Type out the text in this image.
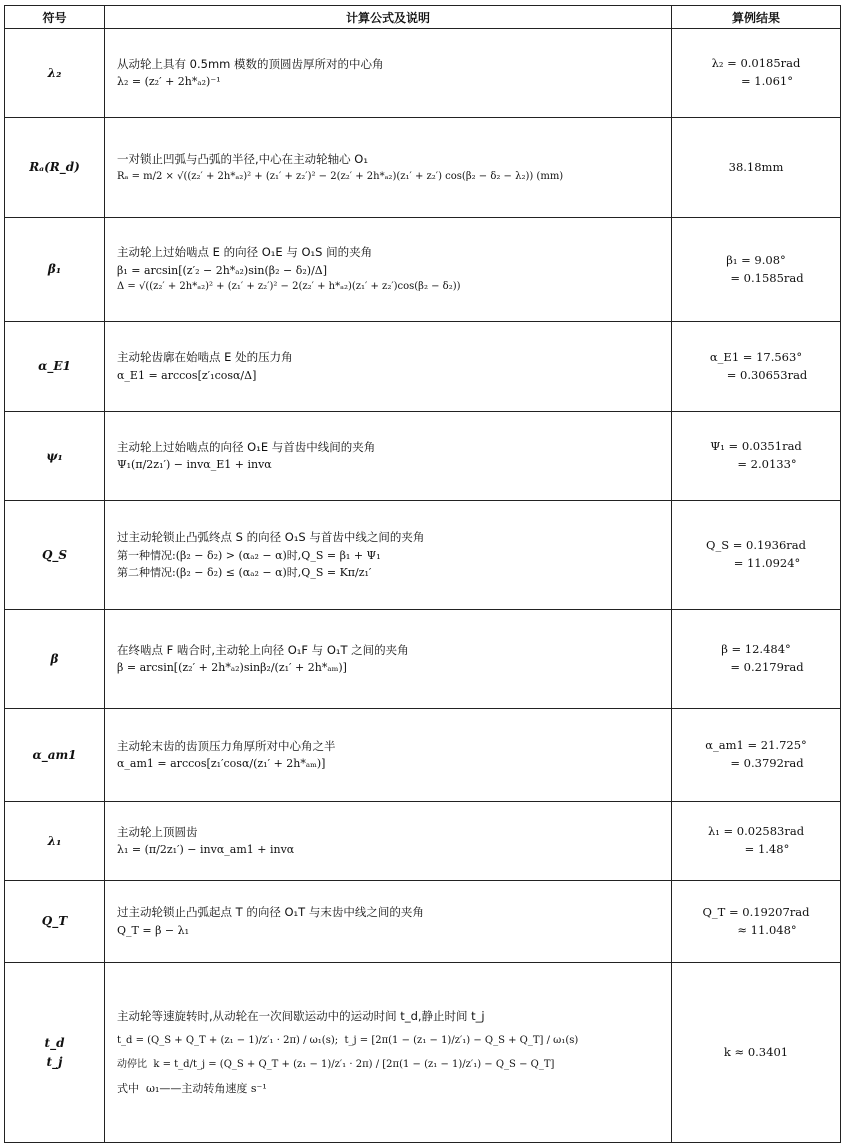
符号	计算公式及说明	算例结果

λ₂	从动轮上具有 0.5mm 模数的顶圆齿厚所对的中心角
λ₂ = (z₂′ + 2h*ₐ₂)⁻¹	λ₂ = 0.0185rad
= 1.061°

Rₐ(R_d)	一对锁止凹弧与凸弧的半径,中心在主动轮轴心 O₁
Rₐ = m/2 × √((z₂′ + 2h*ₐ₂)² + (z₁′ + z₂′)² − 2(z₂′ + 2h*ₐ₂)(z₁′ + z₂′) cos(β₂ − δ₂ − λ₂)) (mm)	38.18mm

β₁	主动轮上过始啮点 E 的向径 O₁E 与 O₁S 间的夹角
β₁ = arcsin[(z′₂ − 2h*ₐ₂)sin(β₂ − δ₂)/Δ]
Δ = √((z₂′ + 2h*ₐ₂)² + (z₁′ + z₂′)² − 2(z₂′ + h*ₐ₂)(z₁′ + z₂′)cos(β₂ − δ₂))	β₁ = 9.08°
= 0.1585rad

α_E1	主动轮齿廓在始啮点 E 处的压力角
α_E1 = arccos[z′₁cosα/Δ]	α_E1 = 17.563°
= 0.30653rad

ψ₁	主动轮上过始啮点的向径 O₁E 与首齿中线间的夹角
Ψ₁(π/2z₁′) − invα_E1 + invα	Ψ₁ = 0.0351rad
= 2.0133°

Q_S	过主动轮锁止凸弧终点 S 的向径 O₁S 与首齿中线之间的夹角
第一种情况:(β₂ − δ₂) > (αₐ₂ − α)时,Q_S = β₁ + Ψ₁
第二种情况:(β₂ − δ₂) ≤ (αₐ₂ − α)时,Q_S = Kπ/z₁′	Q_S = 0.1936rad
= 11.0924°

β	在终啮点 F 啮合时,主动轮上向径 O₁F 与 O₁T 之间的夹角
β = arcsin[(z₂′ + 2h*ₐ₂)sinβ₂/(z₁′ + 2h*ₐₘ)]	β = 12.484°
= 0.2179rad

α_am1	主动轮末齿的齿顶压力角厚所对中心角之半
α_am1 = arccos[z₁′cosα/(z₁′ + 2h*ₐₘ)]	α_am1 = 21.725°
= 0.3792rad

λ₁	主动轮上顶圆齿
λ₁ = (π/2z₁′) − invα_am1 + invα	λ₁ = 0.02583rad
= 1.48°

Q_T	过主动轮锁止凸弧起点 T 的向径 O₁T 与末齿中线之间的夹角
Q_T = β − λ₁	Q_T = 0.19207rad
≈ 11.048°

t_d
t_j	主动轮等速旋转时,从动轮在一次间歇运动中的运动时间 t_d,静止时间 t_j
t_d = (Q_S + Q_T + (z₁ − 1)/z′₁ · 2π) / ω₁(s);  t_j = [2π(1 − (z₁ − 1)/z′₁) − Q_S + Q_T] / ω₁(s)
动停比  k = t_d/t_j = (Q_S + Q_T + (z₁ − 1)/z′₁ · 2π) / [2π(1 − (z₁ − 1)/z′₁) − Q_S − Q_T]
式中  ω₁——主动转角速度 s⁻¹	k ≈ 0.3401
